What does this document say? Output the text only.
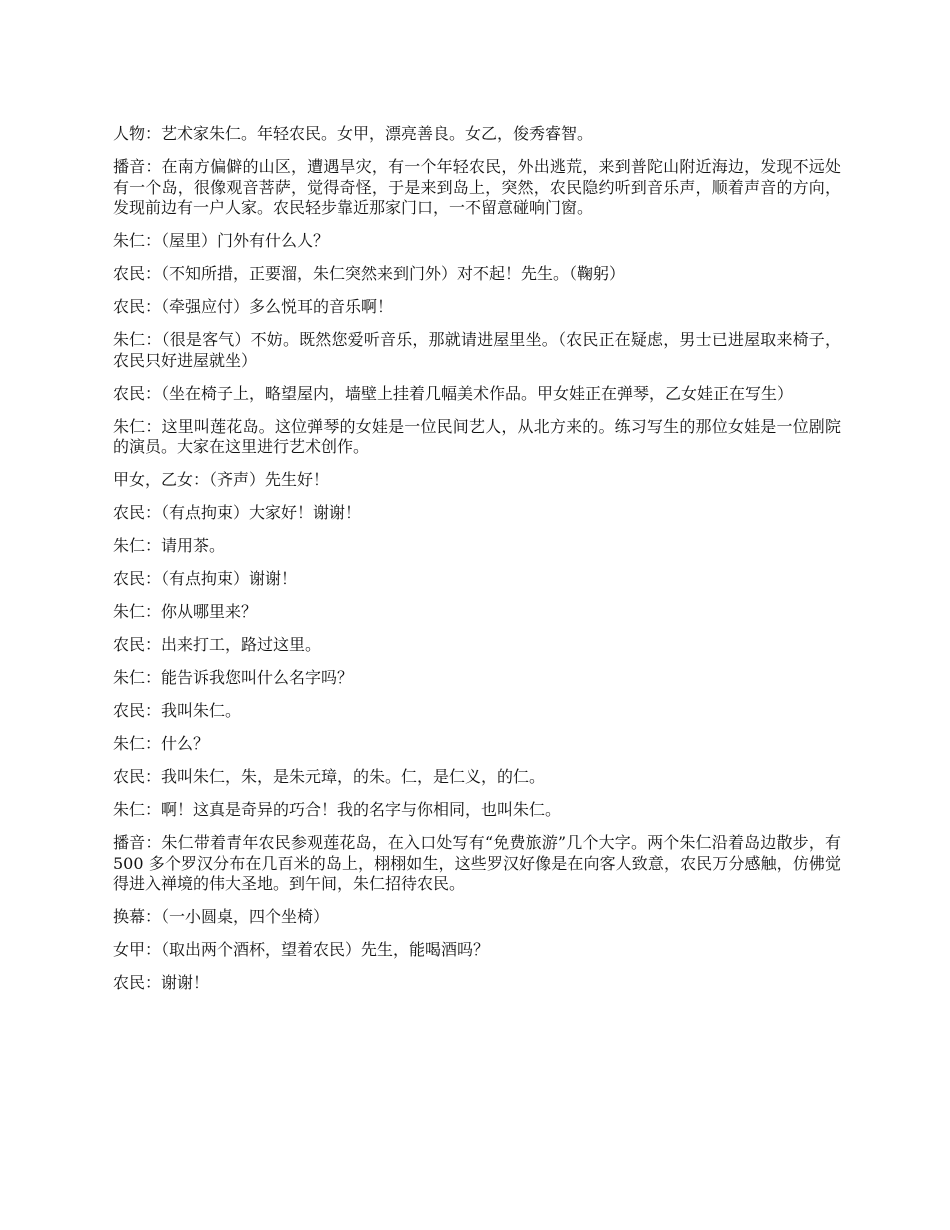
人物：艺术家朱仁。年轻农民。女甲，漂亮善良。女乙，俊秀睿智。

播音：在南方偏僻的山区，遭遇旱灾，有一个年轻农民，外出逃荒，来到普陀山附近海边，发现不远处有一个岛，很像观音菩萨，觉得奇怪，于是来到岛上，突然，农民隐约听到音乐声，顺着声音的方向，发现前边有一户人家。农民轻步靠近那家门口，一不留意碰响门窗。

朱仁：（屋里）门外有什么人？

农民：（不知所措，正要溜，朱仁突然来到门外）对不起！先生。（鞠躬）

农民：（牵强应付）多么悦耳的音乐啊！

朱仁：（很是客气）不妨。既然您爱听音乐，那就请进屋里坐。（农民正在疑虑，男士已进屋取来椅子，农民只好进屋就坐）

农民：（坐在椅子上，略望屋内，墙壁上挂着几幅美术作品。甲女娃正在弹琴，乙女娃正在写生）

朱仁：这里叫莲花岛。这位弹琴的女娃是一位民间艺人，从北方来的。练习写生的那位女娃是一位剧院的演员。大家在这里进行艺术创作。

甲女，乙女：（齐声）先生好！

农民：（有点拘束）大家好！谢谢！

朱仁：请用茶。

农民：（有点拘束）谢谢！

朱仁：你从哪里来？

农民：出来打工，路过这里。

朱仁：能告诉我您叫什么名字吗？

农民：我叫朱仁。

朱仁：什么？

农民：我叫朱仁，朱，是朱元璋，的朱。仁，是仁义，的仁。

朱仁：啊！这真是奇异的巧合！我的名字与你相同，也叫朱仁。

播音：朱仁带着青年农民参观莲花岛，在入口处写有“免费旅游”几个大字。两个朱仁沿着岛边散步，有 500 多个罗汉分布在几百米的岛上，栩栩如生，这些罗汉好像是在向客人致意，农民万分感触，仿佛觉得进入禅境的伟大圣地。到午间，朱仁招待农民。

换幕：（一小圆桌，四个坐椅）

女甲：（取出两个酒杯，望着农民）先生，能喝酒吗？

农民：谢谢！
